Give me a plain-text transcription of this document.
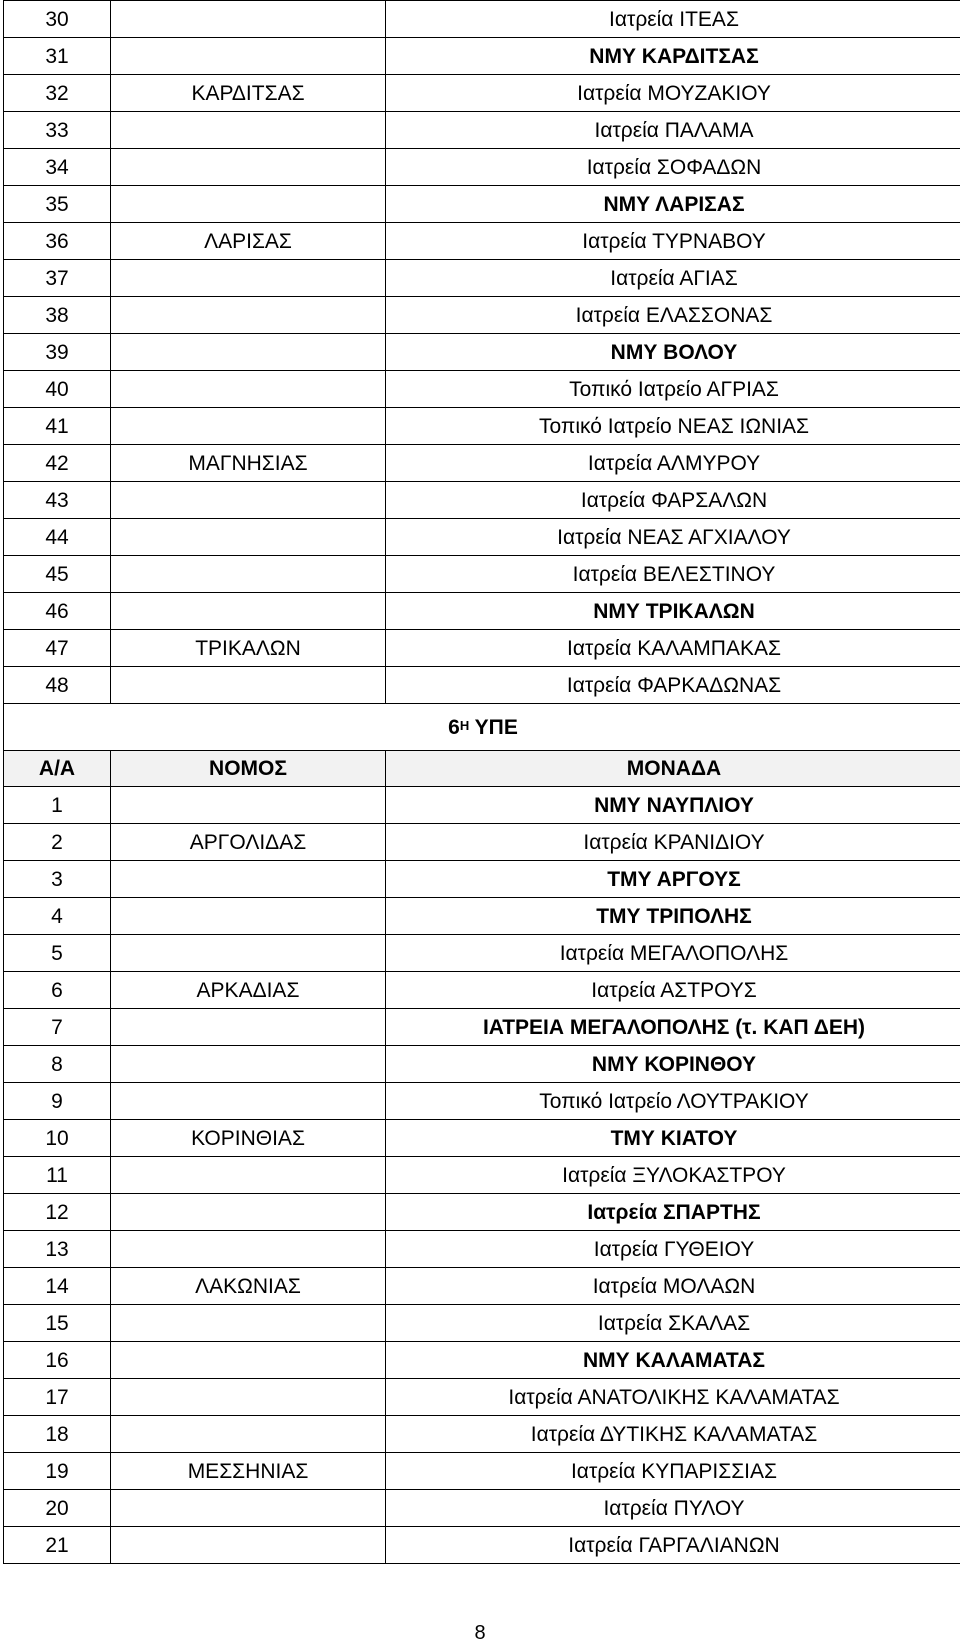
30		Ιατρεία ΙΤΕΑΣ
31		ΝΜΥ ΚΑΡΔΙΤΣΑΣ
32	ΚΑΡΔΙΤΣΑΣ	Ιατρεία ΜΟΥΖΑΚΙΟΥ
33		Ιατρεία ΠΑΛΑΜΑ
34		Ιατρεία ΣΟΦΑΔΩΝ
35		ΝΜΥ ΛΑΡΙΣΑΣ
36	ΛΑΡΙΣΑΣ	Ιατρεία ΤΥΡΝΑΒΟΥ
37		Ιατρεία ΑΓΙΑΣ
38		Ιατρεία ΕΛΑΣΣΟΝΑΣ
39		ΝΜΥ ΒΟΛΟΥ
40		Τοπικό Ιατρείο ΑΓΡΙΑΣ
41		Τοπικό Ιατρείο ΝΕΑΣ ΙΩΝΙΑΣ
42	ΜΑΓΝΗΣΙΑΣ	Ιατρεία ΑΛΜΥΡΟΥ
43		Ιατρεία ΦΑΡΣΑΛΩΝ
44		Ιατρεία ΝΕΑΣ ΑΓΧΙΑΛΟΥ
45		Ιατρεία ΒΕΛΕΣΤΙΝΟΥ
46		ΝΜΥ ΤΡΙΚΑΛΩΝ
47	ΤΡΙΚΑΛΩΝ	Ιατρεία ΚΑΛΑΜΠΑΚΑΣ
48		Ιατρεία ΦΑΡΚΑΔΩΝΑΣ
$6^H$ ΥΠΕ		
Α/Α	ΝΟΜΟΣ	ΜΟΝΑΔΑ
1		ΝΜΥ ΝΑΥΠΛΙΟΥ
2	ΑΡΓΟΛΙΔΑΣ	Ιατρεία ΚΡΑΝΙΔΙΟΥ
3		ΤΜΥ ΑΡΓΟΥΣ
4		ΤΜΥ ΤΡΙΠΟΛΗΣ
5		Ιατρεία ΜΕΓΑΛΟΠΟΛΗΣ
6	ΑΡΚΑΔΙΑΣ	Ιατρεία ΑΣΤΡΟΥΣ
7		ΙΑΤΡΕΙΑ ΜΕΓΑΛΟΠΟΛΗΣ (τ. ΚΑΠ ΔΕΗ)
8		ΝΜΥ ΚΟΡΙΝΘΟΥ
9		Τοπικό Ιατρείο ΛΟΥΤΡΑΚΙΟΥ
10	ΚΟΡΙΝΘΙΑΣ	ΤΜΥ ΚΙΑΤΟΥ
11		Ιατρεία ΞΥΛΟΚΑΣΤΡΟΥ
12		Ιατρεία ΣΠΑΡΤΗΣ
13		Ιατρεία ΓΥΘΕΙΟΥ
14	ΛΑΚΩΝΙΑΣ	Ιατρεία ΜΟΛΑΩΝ
15		Ιατρεία ΣΚΑΛΑΣ
16		ΝΜΥ ΚΑΛΑΜΑΤΑΣ
17		Ιατρεία ΑΝΑΤΟΛΙΚΗΣ ΚΑΛΑΜΑΤΑΣ
18		Ιατρεία ΔΥΤΙΚΗΣ ΚΑΛΑΜΑΤΑΣ
19	ΜΕΣΣΗΝΙΑΣ	Ιατρεία ΚΥΠΑΡΙΣΣΙΑΣ
20		Ιατρεία ΠΥΛΟΥ
21		Ιατρεία ΓΑΡΓΑΛΙΑΝΩΝ
8
